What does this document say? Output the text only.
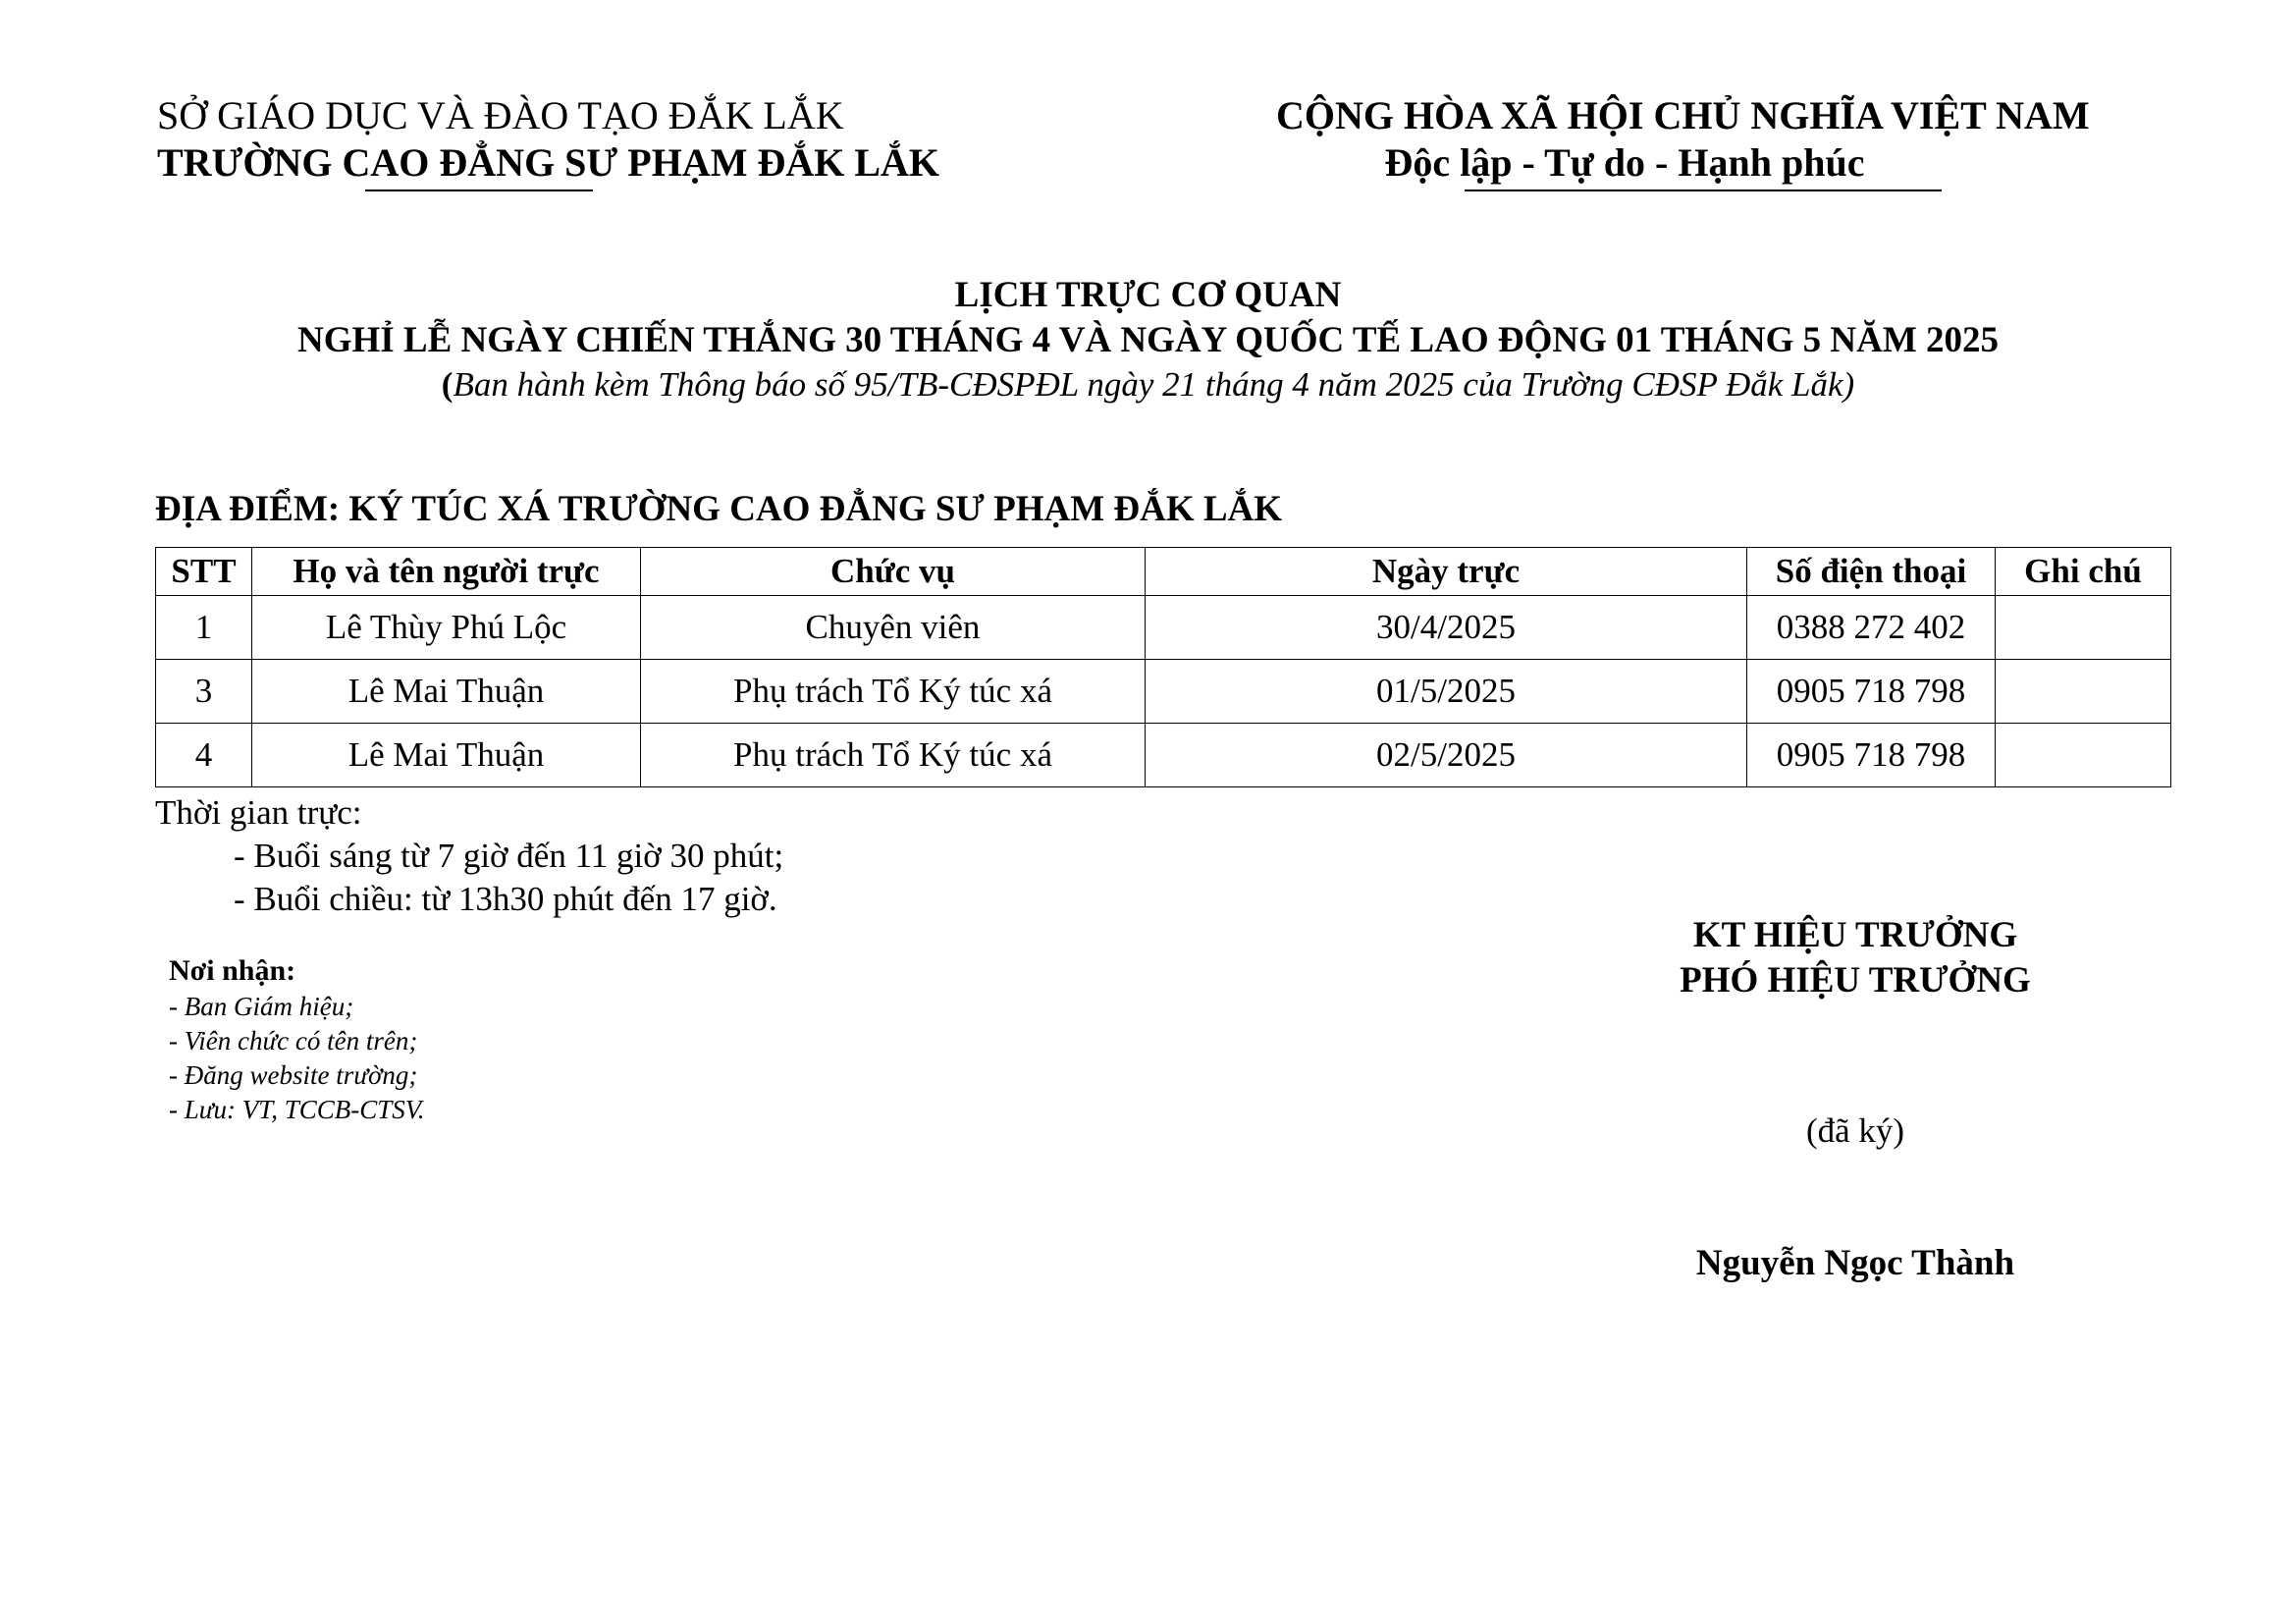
SỞ GIÁO DỤC VÀ ĐÀO TẠO ĐẮK LẮK
TRƯỜNG CAO ĐẲNG SƯ PHẠM ĐẮK LẮK
CỘNG HÒA XÃ HỘI CHỦ NGHĨA VIỆT NAM
Độc lập - Tự do - Hạnh phúc
LỊCH TRỰC CƠ QUAN
NGHỈ LỄ NGÀY CHIẾN THẮNG 30 THÁNG 4 VÀ NGÀY QUỐC TẾ LAO ĐỘNG 01 THÁNG 5 NĂM 2025
(Ban hành kèm Thông báo số 95/TB-CĐSPĐL ngày 21 tháng 4 năm 2025 của Trường CĐSP Đắk Lắk)
ĐỊA ĐIỂM: KÝ TÚC XÁ TRƯỜNG CAO ĐẲNG SƯ PHẠM ĐẮK LẮK
STT	Họ và tên người trực	Chức vụ	Ngày trực	Số điện thoại	Ghi chú
1	Lê Thùy Phú Lộc	Chuyên viên	30/4/2025	0388 272 402	
3	Lê Mai Thuận	Phụ trách Tổ Ký túc xá	01/5/2025	0905 718 798	
4	Lê Mai Thuận	Phụ trách Tổ Ký túc xá	02/5/2025	0905 718 798	
Thời gian trực:
- Buổi sáng từ 7 giờ đến 11 giờ 30 phút;
- Buổi chiều: từ 13h30 phút đến 17 giờ.
Nơi nhận:
- Ban Giám hiệu;
- Viên chức có tên trên;
- Đăng website trường;
- Lưu: VT, TCCB-CTSV.
KT HIỆU TRƯỞNG
PHÓ HIỆU TRƯỞNG
(đã ký)
Nguyễn Ngọc Thành
